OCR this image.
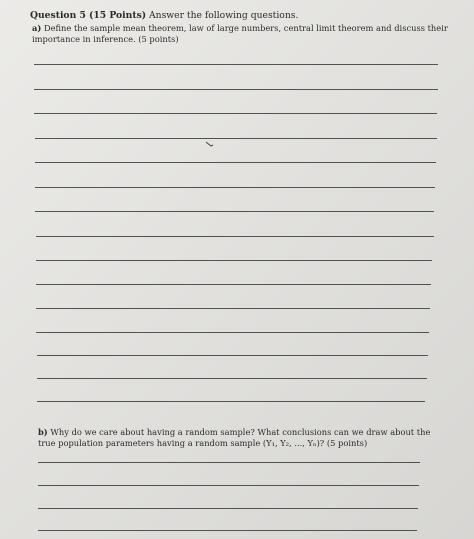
Question 5 (15 Points) Answer the following questions.
a) Define the sample mean theorem, law of large numbers, central limit theorem and discuss their importance in inference. (5 points)
b) Why do we care about having a random sample? What conclusions can we draw about the true population parameters having a random sample (Y₁, Y₂, ..., Yₙ)? (5 points)
